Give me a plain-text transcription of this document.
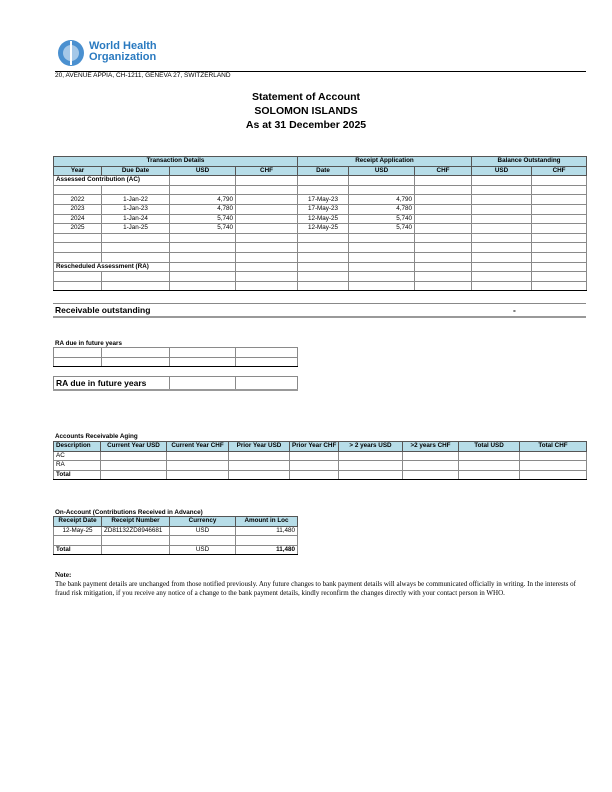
World Health
Organization
20, AVENUE APPIA, CH-1211, GENEVA 27, SWITZERLAND
Statement of Account
SOLOMON ISLANDS
As at 31 December 2025
Transaction Details				Receipt Application			Balance Outstanding	
Year	Due Date	USD	CHF	Date	USD	CHF	USD	CHF
Assessed Contribution (AC)								

2022	1-Jan-22	4,790		17-May-23	4,790			
2023	1-Jan-23	4,780		17-May-23	4,780			
2024	1-Jan-24	5,740		12-May-25	5,740			
2025	1-Jan-25	5,740		12-May-25	5,740			

Rescheduled Assessment (RA)								

Receivable outstanding	-
RA due in future years

RA due in future years		
Accounts Receivable Aging
Description	Current Year USD	Current Year CHF	Prior Year USD	Prior Year CHF	> 2 years USD	>2 years CHF	Total USD	Total CHF
AC								
RA								
Total								
On-Account (Contributions Received in Advance)
Receipt Date	Receipt Number	Currency	Amount in Loc
12-May-25	ZD81132ZD8946681	USD	11,480

Total		USD	11,480
Note:
The bank payment details are unchanged from those notified previously. Any future changes to bank payment details will always be communicated officially in writing. In the interests of fraud risk mitigation, if you receive any notice of a change to the bank payment details, kindly reconfirm the changes directly with your contact person in WHO.
